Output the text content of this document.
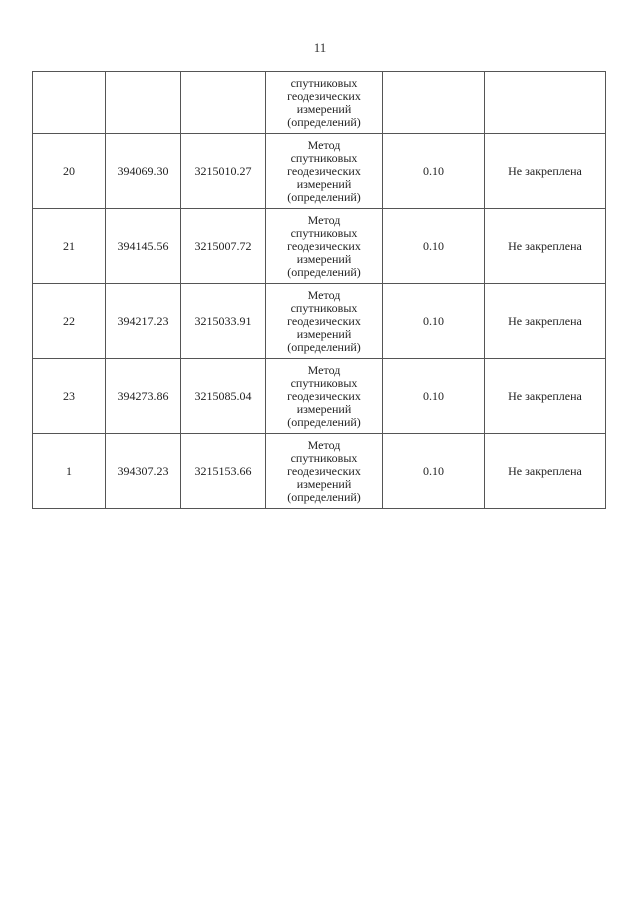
11

			спутниковых
геодезических
измерений
(определений)		

20	394069.30	3215010.27	Метод
спутниковых
геодезических
измерений
(определений)	0.10	Не закреплена
21	394145.56	3215007.72	Метод
спутниковых
геодезических
измерений
(определений)	0.10	Не закреплена
22	394217.23	3215033.91	Метод
спутниковых
геодезических
измерений
(определений)	0.10	Не закреплена
23	394273.86	3215085.04	Метод
спутниковых
геодезических
измерений
(определений)	0.10	Не закреплена
1	394307.23	3215153.66	Метод
спутниковых
геодезических
измерений
(определений)	0.10	Не закреплена
